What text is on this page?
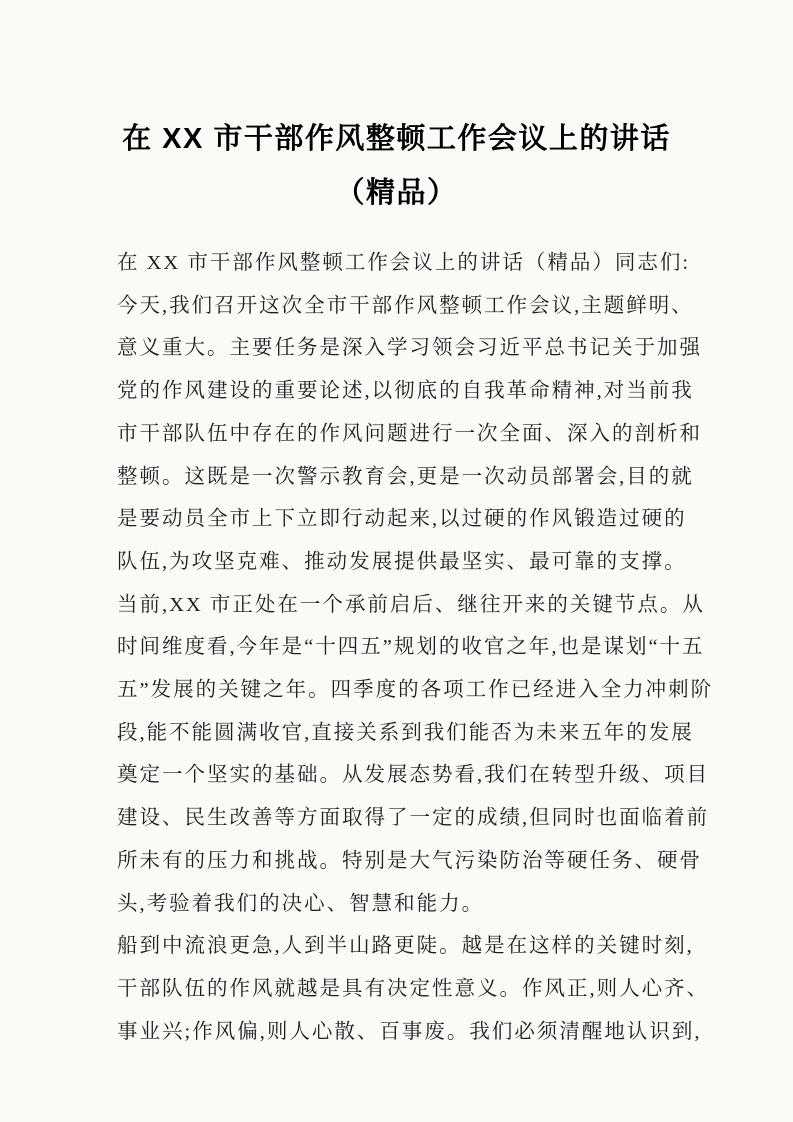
在 XX 市干部作风整顿工作会议上的讲话
（精品）
在 XX 市干部作风整顿工作会议上的讲话（精品）同志们:
今天,我们召开这次全市干部作风整顿工作会议,主题鲜明、
意义重大。主要任务是深入学习领会习近平总书记关于加强
党的作风建设的重要论述,以彻底的自我革命精神,对当前我
市干部队伍中存在的作风问题进行一次全面、深入的剖析和
整顿。这既是一次警示教育会,更是一次动员部署会,目的就
是要动员全市上下立即行动起来,以过硬的作风锻造过硬的
队伍,为攻坚克难、推动发展提供最坚实、最可靠的支撑。
当前,XX 市正处在一个承前启后、继往开来的关键节点。从
时间维度看,今年是“十四五”规划的收官之年,也是谋划“十五
五”发展的关键之年。四季度的各项工作已经进入全力冲刺阶
段,能不能圆满收官,直接关系到我们能否为未来五年的发展
奠定一个坚实的基础。从发展态势看,我们在转型升级、项目
建设、民生改善等方面取得了一定的成绩,但同时也面临着前
所未有的压力和挑战。特别是大气污染防治等硬任务、硬骨
头,考验着我们的决心、智慧和能力。
船到中流浪更急,人到半山路更陡。越是在这样的关键时刻,
干部队伍的作风就越是具有决定性意义。作风正,则人心齐、
事业兴;作风偏,则人心散、百事废。我们必须清醒地认识到,
